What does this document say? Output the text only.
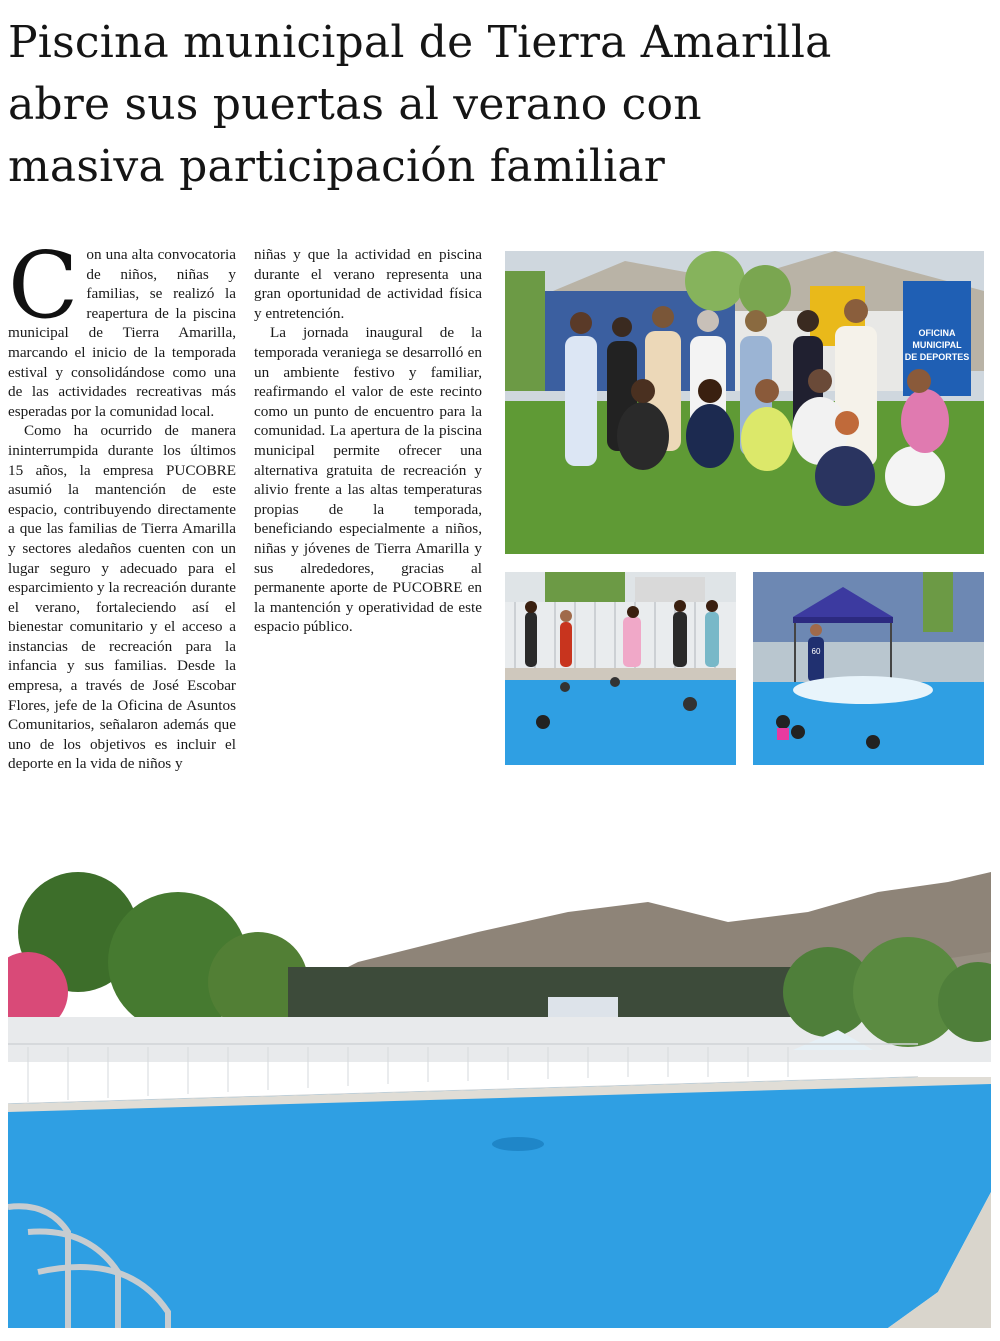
Piscina municipal de Tierra Amarilla
abre sus puertas al verano con
masiva participación familiar

Con una alta convocatoria de niños, niñas y familias, se realizó la reapertura de la piscina municipal de Tierra Amarilla, marcando el inicio de la temporada estival y consolidándose como una de las actividades recreativas más esperadas por la comunidad local.

Como ha ocurrido de manera ininterrumpida durante los últimos 15 años, la empresa PUCOBRE asumió la mantención de este espacio, contribuyendo directamente a que las familias de Tierra Amarilla y sectores aledaños cuenten con un lugar seguro y adecuado para el esparcimiento y la recreación durante el verano, fortaleciendo así el bienestar comunitario y el acceso a instancias de recreación para la infancia y sus familias. Desde la empresa, a través de José Escobar Flores, jefe de la Oficina de Asuntos Comunitarios, señalaron además que uno de los objetivos es incluir el deporte en la vida de niños y

niñas y que la actividad en piscina durante el verano representa una gran oportunidad de actividad física y entretención.

La jornada inaugural de la temporada veraniega se desarrolló en un ambiente festivo y familiar, reafirmando el valor de este recinto como un punto de encuentro para la comunidad. La apertura de la piscina municipal permite ofrecer una alternativa gratuita de recreación y alivio frente a las altas temperaturas propias de la temporada, beneficiando especialmente a niños, niñas y jóvenes de Tierra Amarilla y sus alrededores, gracias al permanente aporte de PUCOBRE en la mantención y operatividad de este espacio público.

OFICINA
MUNICIPAL
DE DEPORTES
60
